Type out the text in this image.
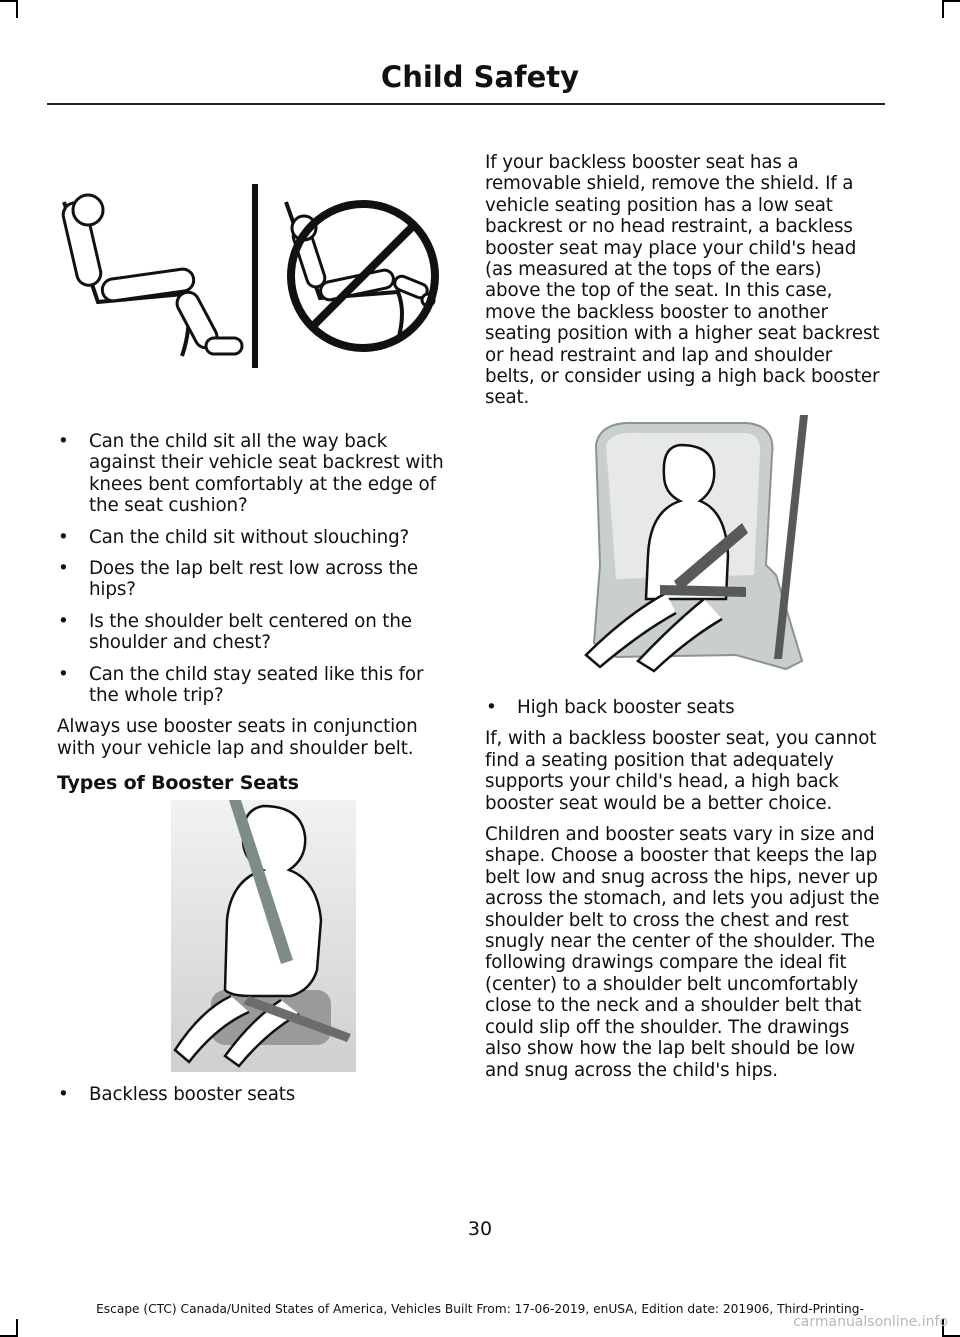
Child Safety
• Can the child sit all the way back against their vehicle seat backrest with knees bent comfortably at the edge of the seat cushion?
• Can the child sit without slouching?
• Does the lap belt rest low across the hips?
• Is the shoulder belt centered on the shoulder and chest?
• Can the child stay seated like this for the whole trip?

Always use booster seats in conjunction with your vehicle lap and shoulder belt.

Types of Booster Seats
• Backless booster seats

If your backless booster seat has a removable shield, remove the shield. If a vehicle seating position has a low seat backrest or no head restraint, a backless booster seat may place your child's head (as measured at the tops of the ears) above the top of the seat. In this case, move the backless booster to another seating position with a higher seat backrest or head restraint and lap and shoulder belts, or consider using a high back booster seat.

• High back booster seats

If, with a backless booster seat, you cannot find a seating position that adequately supports your child's head, a high back booster seat would be a better choice.

Children and booster seats vary in size and shape. Choose a booster that keeps the lap belt low and snug across the hips, never up across the stomach, and lets you adjust the shoulder belt to cross the chest and rest snugly near the center of the shoulder. The following drawings compare the ideal fit (center) to a shoulder belt uncomfortably close to the neck and a shoulder belt that could slip off the shoulder. The drawings also show how the lap belt should be low and snug across the child's hips.

30
Escape (CTC) Canada/United States of America, Vehicles Built From: 17-06-2019, enUSA, Edition date: 201906, Third-Printing-
carmanualsonline.info
